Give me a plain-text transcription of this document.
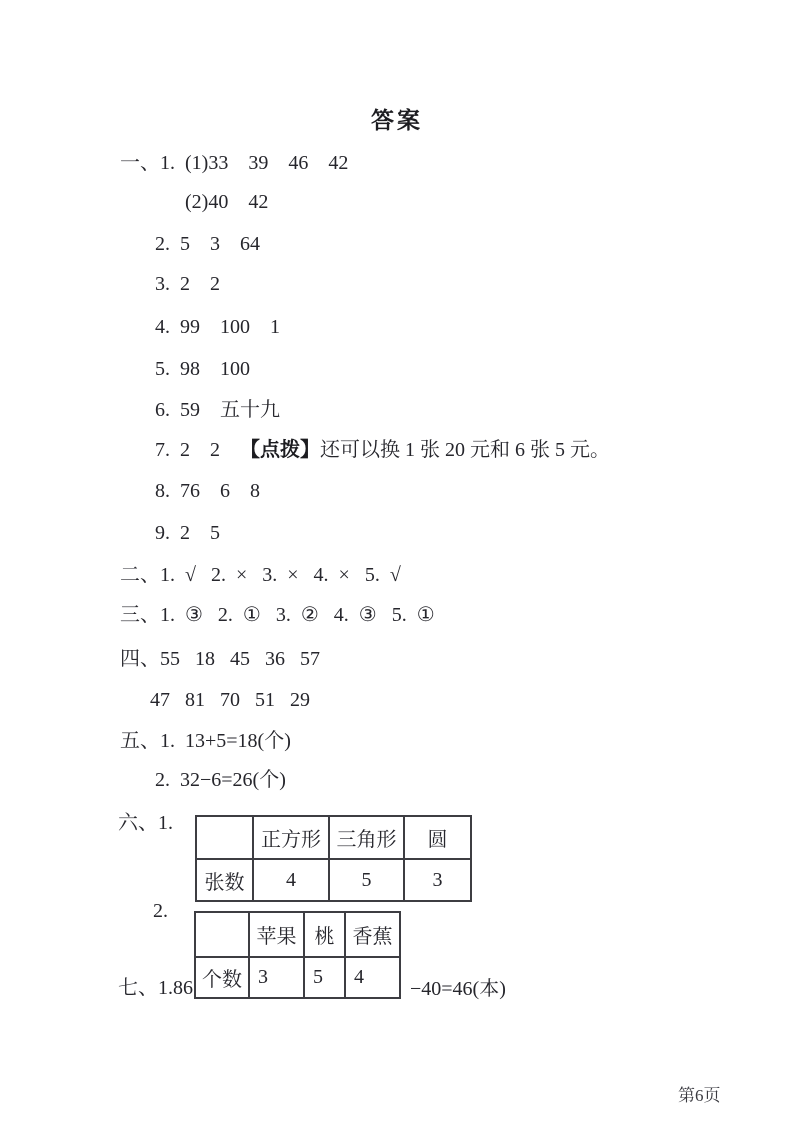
答案
一、1.  (1)33    39    46    42
(2)40    42
2.  5    3    64
3.  2    2
4.  99    100    1
5.  98    100
6.  59    五十九
7.  2    2    【点拨】还可以换 1 张 20 元和 6 张 5 元。
8.  76    6    8
9.  2    5
二、1.  √   2.  ×   3.  ×   4.  ×   5.  √
三、1.  ③   2.  ①   3.  ②   4.  ③   5.  ①
四、55   18   45   36   57
47   81   70   51   29
五、1.  13+5=18(个)
2.  32−6=26(个)
六、1.
	正方形	三角形	圆
张数	4	5	3
2.
	苹果	桃	香蕉
个数	3	5	4
七、1.86	−40=46(本)
第6页
